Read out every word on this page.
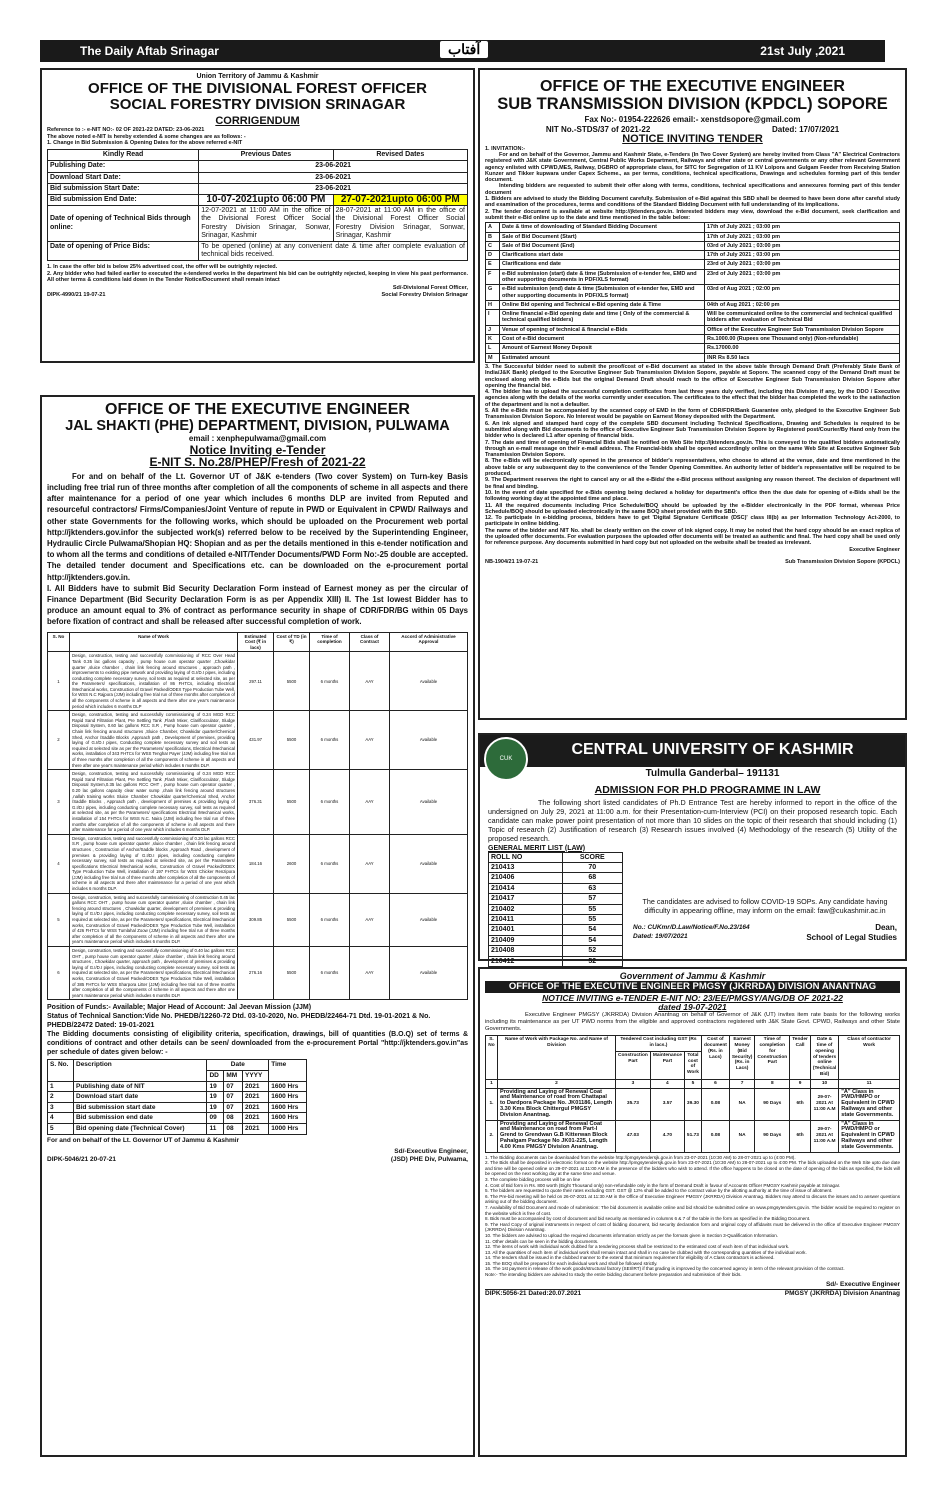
The Daily Aftab Srinagar	آفتاب	21st July ,2021
Union Territory of Jammu & Kashmir
OFFICE OF THE DIVISIONAL FOREST OFFICER
SOCIAL FORESTRY DIVISION SRINAGAR
CORRIGENDUM
Reference to :- e-NIT NO:- 02 OF 2021-22 DATED: 23-06-2021
The above noted e-NIT is hereby extended & some changes are as follows: -
1. Change in Bid Submission & Opening Dates for the above referred e-NIT
Kindly Read	Previous Dates	Revised Dates
Publishing Date:	23-06-2021	
Download Start Date:	23-06-2021	
Bid submission Start Date:	23-06-2021	
Bid submission End Date:	10-07-2021upto 06:00 PM	27-07-2021upto 06:00 PM
Date of opening of Technical Bids through online:	12-07-2021 at 11:00 AM in the office of the Divisional Forest Officer Social Forestry Division Srinagar, Sonwar, Srinagar, Kashmir	28-07-2021 at 11:00 AM in the office of the Divisional Forest Officer Social Forestry Division Srinagar, Sonwar, Srinagar, Kashmir
Date of opening of Price Bids:	To be opened (online) at any convenient date & time after complete evaluation of technical bids received.	
1. In case the offer bid is below 25% advertised cost, the offer will be outrightly rejected.
2. Any bidder who had failed earlier to executed the e-tendered works in the department his bid can be outrightly rejected, keeping in view his past performance. All other terms & conditions laid down in the Tender Notice/Document shall remain intact
Sd/-Divisional Forest Officer,
DIPK-4990/21 19-07-21	Social Forestry Division Srinagar
OFFICE OF THE EXECUTIVE ENGINEER
JAL SHAKTI (PHE) DEPARTMENT, DIVISION, PULWAMA
email : xenphepulwama@gmail.com
Notice Inviting e-Tender
E-NIT S. No.28/PHEP/Fresh of 2021-22
For and on behalf of the Lt. Governor UT of J&K e-tenders (Two cover System) on Turn-key Basis including free trial run of three months after completion of all the components of scheme in all aspects and there after maintenance for a period of one year which includes 6 months DLP are invited from Reputed and resourceful contractors/ Firms/Companies/Joint Venture of repute in PWD or Equivalent in CPWD/ Railways and other state Governments for the following works, which should be uploaded on the Procurement web portal http://jktenders.gov.infor the subjected work(s) referred below to be received by the Superintending Engineer, Hydraulic Circle Pulwama/Shopian HQ: Shopian and as per the details mentioned in this e-tender notification and to whom all the terms and conditions of detailed e-NIT/Tender Documents/PWD Form No:-25 double are accepted. The detailed tender document and Specifications etc. can be downloaded on the e-procurement portal http://jktenders.gov.in.
I. All Bidders have to submit Bid Security Declaration Form instead of Earnest money as per the circular of Finance Department (Bid Security Declaration Form is as per Appendix XIII) II. The 1st lowest Bidder has to produce an amount equal to 3% of contract as performance security in shape of CDR/FDR/BG within 05 Days before fixation of contract and shall be released after successful completion of work.
S. No	Name of Work	Estimated Cost (₹ in lacs)	Cost of TD (in ₹)	Time of completion	Class of Contract	Accord of Administrative Approval
1	Design, construction, testing and successfully commissioning of RCC Over Head Tank 0.35 lac gallons capacity , pump house cum operator quarter ,Chowkidar quarter ,sluice chamber , chain link fencing around structures , approach path , improvements to existing pipe network and providing laying of G.I/D.I pipes, including conducting complete necessary survey, soil tests as required at selected site, as per the Parameters/ specifications, installation of 86 FHTCs, including Electrical /Mechanical works, Construction of Gravel Packed/ODEX Type Production Tube Well, for WSS N.C Rajpora (JJM) including free trial run of three months after completion of all the components of scheme in all aspects and there after one year's maintenance period which includes 6 months DLP	297.11	5500	6 months	AAY	Available
2	Design, construction, testing and successfully commissioning of 0.24 MGD RCC Rapid Sand Filtration Plant, Pre Settling Tank ,Flash Mixer, Clariflocculator, Sludge Disposal System, 0.60 lac gallons RCC S.R , Pump house cum operator quarter , Chain link fencing around structures ,Sluice Chamber, Chowkidar quarter/Chemical Shed, Anchor /Saddle Blocks ,Approach path , Development of premises, providing laying of G.I/D.I pipes, Conducting complete necessary survey and soil tests as required at selected site as per the Parameters/ specifications, Electrical /Mechanical works, installation of 343 FHTCs for WSS Tenghar Payer (JJM) including free trial run of three months after completion of all the components of scheme in all aspects and there after one year's maintenance period which includes 6 months DLP.	431.97	5500	6 months	AAY	Available
3	Design, construction, testing and successfully commissioning of 0.24 MGD RCC Rapid Sand Filtration Plant, Pre Settling Tank ,Flash Mixer, Clariflocculator, Sludge Disposal System,0.35 lac gallons RCC OHT , pump house cum operator quarter , 0.20 lac gallons capacity clear water sump ,chain link fencing around structures ,nallah training works Sluice Chamber Chowkidar quarter/Chemical Shed, Anchor /Saddle Blocks , Approach path , development of premises & providing laying of G.I/D.I pipes, including conducting complete necessary survey, soil tests as required at selected site, as per the Parameters/ specifications Electrical /Mechanical works, installation of 154 FHTCs for WSS N.C. Naira (JJM) including free trial run of three months after completion of all the components of scheme in all aspects and there after maintenance for a period of one year which includes 6 months DLP.	376.31	5500	6 months	AAY	Available
4	Design, construction, testing and successfully commissioning of 0.20 lac gallons RCC S.R , pump house cum operator quarter ,sluice chamber , chain link fencing around structures , Construction of Anchor/Saddle blocks ,Approach Road , development of premises & providing laying of G.I/D.I pipes, including conducting complete necessary survey, soil tests as required at selected site, as per the Parameters/ specifications Electrical /Mechanical works, Construction of Gravel Packed/ODEX Type Production Tube Well, installation of 197 FHTCs for WSS Chicker Renzipora (JJM) including free trial run of three months after completion of all the components of scheme in all aspects and there after maintenance for a period of one year which includes 6 months DLP.	184.16	2600	6 months	AAY	Available
5	Design, construction, testing and successfully commissioning of construction 0.45 lac gallons RCC OHT , pump house cum operator quarter ,sluice chamber , chain link fencing around structures , Chowkidar quarter, development of premises & providing laying of G.I/D.I pipes, including conducting complete necessary survey, soil tests as required at selected site, as per the Parameters/ specifications, Electrical /Mechanical works, Construction of Gravel Packed/ODEX Type Production Tube Well, installation of 426 FHTCs for WSS Tumlahal Zoow (JJM) including free trial run of three months after completion of all the components of scheme in all aspects and there after one year's maintenance period which includes 6 months DLP.	309.85	5500	6 months	AAY	Available
6	Design, construction, testing and successfully commissioning of 0.40 lac gallons RCC OHT , pump house cum operator quarter ,sluice chamber , chain link fencing around structures , Chowkidar quarter, approach path , development of premises & providing laying of G.I/D.I pipes, including conducting complete necessary survey, soil tests as required at selected site, as per the Parameters/ specifications, Electrical /Mechanical works, Construction of Gravel Packed/ODEX Type Production Tube Well, installation of 385 FHTCs for WSS Sharpora Litter (JJM) including free trial run of three months after completion of all the components of scheme in all aspects and there after one year's maintenance period which includes 6 months DLP.	276.16	5500	6 months	AAY	Available
Position of Funds:- Available; Major Head of Account: Jal Jeevan Mission (JJM)
Status of Technical Sanction:Vide No. PHEDB/12260-72 Dtd. 03-10-2020, No. PHEDB/22464-71 Dtd. 19-01-2021 & No. PHEDB/22472 Dated: 19-01-2021
The Bidding documents consisting of eligibility criteria, specification, drawings, bill of quantities (B.O.Q) set of terms & conditions of contract and other details can be seen/ downloaded from the e-procurement Portal "http://jktenders.gov.in"as per schedule of dates given below: -
S. No.	Description	Date			Time
		DD	MM	YYYY	
1	Publishing date of NIT	19	07	2021	1600 Hrs
2	Download start date	19	07	2021	1600 Hrs
3	Bid submission start date	19	07	2021	1600 Hrs
4	Bid submission end date	09	08	2021	1600 Hrs
5	Bid opening date (Technical Cover)	11	08	2021	1000 Hrs
For and on behalf of the Lt. Governor UT of Jammu & Kashmir
Sd/-Executive Engineer,
DIPK-5046/21 20-07-21	(JSD) PHE Div, Pulwama,
OFFICE OF THE EXECUTIVE ENGINEER
SUB TRANSMISSION DIVISION (KPDCL) SOPORE
Fax No:- 01954-222626 email:- xenstdsopore@gmail.com
NIT No.-STDS/37 of 2021-22	Dated: 17/07/2021
NOTICE INVITING TENDER
1. INVITATION:-
For and on behalf of the Governor, Jammu and Kashmir State, e-Tenders (In Two Cover System) are hereby invited from Class "A" Electrical Contractors registered with J&K state Government, Central Public Works Department, Railways and other state or central governments or any other relevant Government agency enlisted with CPWD,MES, Railway, DGBRO of appropriate class, for SITC for Segregation of 11 KV Lolpora and Gulgam Feeder from Receiving Station Kunzer and Tikker kupwara under Capex Scheme., as per terms, conditions, technical specifications, Drawings and schedules forming part of this tender document.
Intending bidders are requested to submit their offer along with terms, conditions, technical specifications and annexures forming part of this tender document
1. Bidders are advised to study the Bidding Document carefully. Submission of e-Bid against this SBD shall be deemed to have been done after careful study and examination of the procedures, terms and conditions of the Standard Bidding Document with full understanding of its implications.
2. The tender document is available at website http://jktenders.gov.in. Interested bidders may view, download the e-Bid document, seek clarification and submit their e-Bid online up to the date and time mentioned in the table below:
A	Date & time of downloading of Standard Bidding Document	17th of July 2021 ; 03:00 pm
B	Sale of Bid Document (Start)	17th of July 2021 ; 03:00 pm
C	Sale of Bid Document (End)	03rd of July 2021 ; 03:00 pm
D	Clarifications start date	17th of July 2021 ; 03:00 pm
E	Clarifications end date	23rd of July 2021 ; 03:00 pm
F	e-Bid submission (start) date & time (Submission of e-tender fee, EMD and other supporting documents in PDF/XLS format)	23rd of July 2021 ; 03:00 pm
G	e-Bid submission (end) date & time (Submission of e-tender fee, EMD and other supporting documents in PDF/XLS format)	03rd of Aug 2021 ; 02:00 pm
H	Online Bid opening and Technical e-Bid opening date & Time	04th of Aug 2021 ; 02:00 pm
I	Online financial e-Bid opening date and time ( Only of the commercial & technical qualified bidders)	Will be communicated online to the commercial and technical qualified bidders after evaluation of Technical Bid
J	Venue of opening of technical & financial e-Bids	Office of the Executive Engineer Sub Transmission Division Sopore
K	Cost of e-Bid document	Rs.1000.00 (Rupees one Thousand only) (Non-refundable)
L	Amount of Earnest Money Deposit	Rs.17000.00
M	Estimated amount	INR Rs 8.50 lacs
3. The Successful bidder need to submit the proof/cost of e-Bid document as stated in the above table through Demand Draft (Preferably State Bank of India/J&K Bank) pledged to the Executive Engineer Sub Transmission Division Sopore, payable at Sopore. The scanned copy of the Demand Draft must be enclosed along with the e-Bids but the original Demand Draft should reach to the office of Executive Engineer Sub Transmission Division Sopore after opening the financial bid.
4. The bidder has to upload the successful completion certificates from last three years duly verified, including this Division if any, by the DDO / Executive agencies along with the details of the works currently under execution. The certificates to the effect that the bidder has completed the work to the satisfaction of the department and is not a defaulter.
5. All the e-Bids must be accompanied by the scanned copy of EMD in the form of CDR/FDR/Bank Guarantee only, pledged to the Executive Engineer Sub Transmission Division Sopore. No Interest would be payable on Earnest Money deposited with the Department.
6. An ink signed and stamped hard copy of the complete SBD document including Technical Specifications, Drawing and Schedules is required to be submitted along with Bid documents to the office of Executive Engineer Sub Transmission Division Sopore by Registered post/Courier/By Hand only from the bidder who is declared L1 after opening of financial bids.
7. The date and time of opening of Financial Bids shall be notified on Web Site http://jktenders.gov.in. This is conveyed to the qualified bidders automatically through an e-mail message on their e-mail address. The Financial-bids shall be opened accordingly online on the same Web Site at Executive Engineer Sub Transmission Division Sopore.
8. The e-Bids will be electronically opened in the presence of bidder's representatives, who choose to attend at the venue, date and time mentioned in the above table or any subsequent day to the convenience of the Tender Opening Committee. An authority letter of bidder's representative will be required to be produced.
9. The Department reserves the right to cancel any or all the e-Bids/ the e-Bid process without assigning any reason thereof. The decision of department will be final and binding.
10. In the event of date specified for e-Bids opening being declared a holiday for department's office then the due date for opening of e-Bids shall be the following working day at the appointed time and place.
11. All the required documents including Price Schedule/BOQ should be uploaded by the e-Bidder electronically in the PDF format, whereas Price Schedule/BOQ should be uploaded electronically in the same BOQ sheet provided with the SBD.
12. To participate in e-bidding process, bidders have to get 'Digital Signature Certificate (DSC)' class III(b) as per Information Technology Act-2000, to participate in online bidding.
The name of the bidder and NIT No. shall be clearly written on the cover of ink signed copy. It may be noted that the hard copy should be an exact replica of the uploaded offer documents. For evaluation purposes the uploaded offer documents will be treated as authentic and final. The hard copy shall be used only for reference purpose. Any documents submitted in hard copy but not uploaded on the website shall be treated as irrelevant.
Executive Engineer
NB-1904/21 19-07-21	Sub Transmission Division Sopore (KPDCL)
CUK
CENTRAL UNIVERSITY OF KASHMIR
Tulmulla Ganderbal– 191131
ADMISSION FOR PH.D PROGRAMME IN LAW
The following short listed candidates of Ph.D Entrance Test are hereby informed to report in the office of the undersigned on July 29, 2021 at 11:00 a.m. for their Presentation-cum-Interview (PCI) on their proposed research topic. Each candidate can make power point presentation of not more than 10 slides on the topic of their research that should including (1) Topic of research (2) Justification of research (3) Research issues involved (4) Methodology of the research (5) Utility of the proposed research.
GENERAL MERIT LIST (LAW)
ROLL NO	SCORE
210413	70
210406	68
210414	63
210417	57
210402	55
210411	55
210401	54
210409	54
210408	52
210412	52
The candidates are advised to follow COVID-19 SOPs. Any candidate having difficulty in appearing offline, may inform on the email: faw@cukashmir.ac.in
No.: CUKmr/D.Law/Notice/F.No.23/164
Dated: 19/07/2021
Dean,
School of Legal Studies
Government of Jammu & Kashmir
OFFICE OF THE EXECUTIVE ENGINEER PMGSY (JKRRDA) DIVISION ANANTNAG
NOTICE INVITING e-TENDER E-NIT NO: 23/EE/PMGSY/ANG/DB OF 2021-22
dated 19-07-2021
Executive Engineer PMGSY (JKRRDA) Division Anantnag on behalf of Governor of J&K (UT) invites item rate basis for the following works including its maintenance as per UT PWD norms from the eligible and approved contractors registered with J&K State Govt. CPWD, Railways and other State Governments.
S. No	Name of Work with Package No. and Name of Division	Tendered Cost including GST (Rs in lacs.)			Cost of document (Rs. in Lacs)	Earnest Money (Bid Security) (Rs. in Lacs)	Time of completion for Construction Part	Tender Call	Date & time of opening of tenders online (Technical Bid)	Class of contractor Work
		Construction Part	Maintenance Part	Total cost of Work						
1	2	3	4	5	6	7	8	9	10	11
1.	Providing and Laying of Renewal Coat and Maintenance of road from Chattapal to Dardpora Package No. JK01186, Length 3.30 Kms Block Chittergul PMGSY Division Anantnag.	35.73	3.57	39.30	0.08	NA	90 Days	6th	29-07-2021 At 11:00 A.M	"A" Class in PWD/HMPO or Equivalent in CPWD Railways and other state Governments.
2.	Providing and Laying of Renewal Coat and Maintenance on road from Part-I Grend to Grendwan G.B Kitterwan Block Pahalgam Package No JK01-225, Length 4.00 Kms PMGSY Division Anantnag.	47.03	4.70	51.73	0.08	NA	90 Days	6th	29-07-2021 At 11:00 A.M	"A" Class in PWD/HMPO or Equivalent in CPWD Railways and other state Governments.
1. The Bidding documents can be downloaded from the website http://pmgsytendersjk.gov.in from 23-07-2021 (10:30 AM) to 28-07-2021 up to (4:00 PM).
2. The Bids shall be deposited in electronic format on the website http://pmgsytendersjk.gov.in from 23-07-2021 (10:30 AM) to 28-07-2021 up to 4:00 PM. The bids uploaded on the Web Site upto due date and time will be opened online on 29-07-2021 at 11:00 AM in the presence of the bidders who wish to attend. If the office happens to be closed on the date of opening of the bids as specified, the bids will be opened on the next working day at the same time and venue.
3. The complete bidding process will be on line
4. Cost of Bid form in Rs. 800 worth (Eight Thousand only) non-refundable only in the form of Demand Draft in favour of Accounts Officer PMGSY Kashmir payable at Srinagar.
5. The bidders are requested to quote their rates excluding GST. GST @ 12% shall be added to the contract value by the allotting authority at the time of issue of allotment.
6. The Pre-bid meeting will be held on 26-07-2021 at 11:30 AM in the Office of Executive Engineer PMGSY (JKRRDA) Division Anantnag. Bidders may attend to discuss the issues and to answer questions arising out of the bidding document.
7. Availability of Bid Document and mode of submission: The bid document is available online and bid should be submitted online on www.pmgsytenders.gov.in. The bidder would be required to register on the website which is free of cost.
8. Bids must be accompanied by cost of document and bid security as mentioned in columns 6 & 7 of the table in the form as specified in the Bidding Document.
9. The Hard Copy of original instruments in respect of cost of bidding document, bid security declaration form and original copy of affidavits must be delivered in the office of Executive Engineer PMGSY (JKRRDA) Division Anantnag.
10. The bidders are advised to upload the required documents information strictly as per the formats given in Section 3-Qualification Information.
11. Other details can be seen in the bidding documents.
12. The items of work with individual work clubbed for a tendering process shall be restricted to the estimated cost of each item of that individual work.
13. All the quantities of each item of individual work shall remain intact and shall in no case be clubbed with the corresponding quantities of the individual work.
14. The tenders shall be issued in the clubbed manner to the extend that minimum requirement for eligibility of A Class contractors is achieved.
15. The BOQ shall be prepared for each individual work and shall be followed strictly.
16. The 1st payment in release of the work goods/structural factory (SEI/IRT) if that grading is improved by the concerned agency in term of the relevant provision of the contract.
Note:- The intending bidders are advised to study the entire bidding document before preparation and submission of their bids.
Sd/- Executive Engineer
DIPK:5056-21 Dated:20.07.2021	PMGSY (JKRRDA) Division Anantnag
